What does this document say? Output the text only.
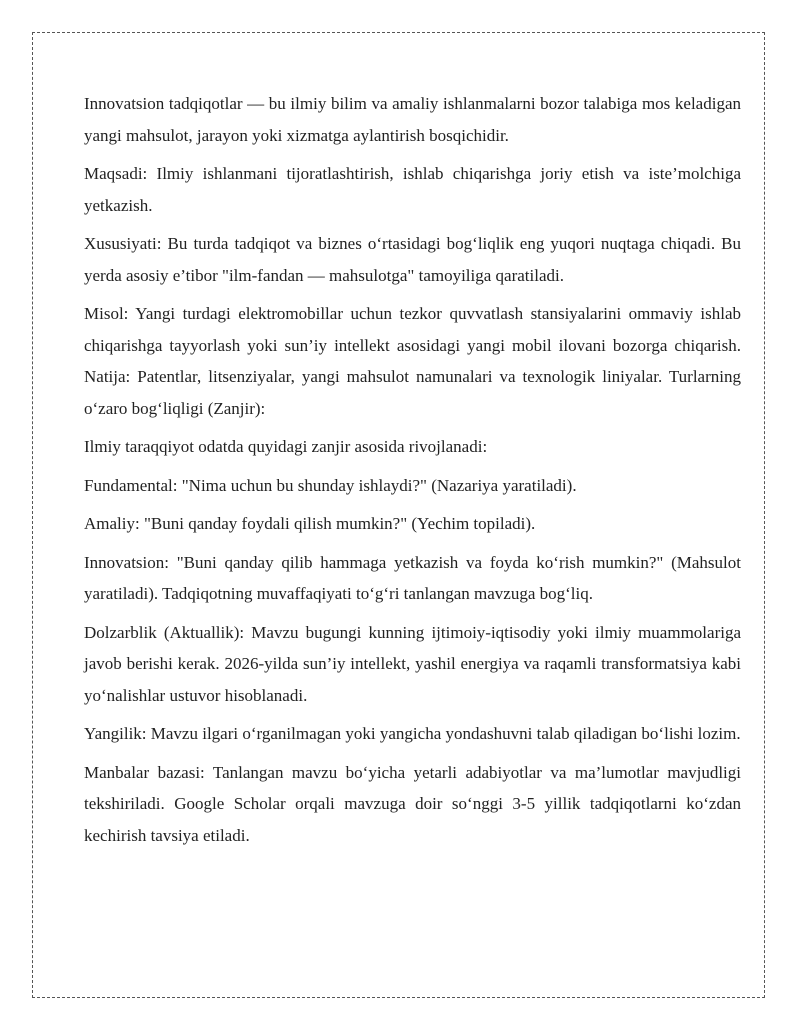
Innovatsion tadqiqotlar — bu ilmiy bilim va amaliy ishlanmalarni bozor talabiga mos keladigan yangi mahsulot, jarayon yoki xizmatga aylantirish bosqichidir.

Maqsadi: Ilmiy ishlanmani tijoratlashtirish, ishlab chiqarishga joriy etish va iste’molchiga yetkazish.

Xususiyati: Bu turda tadqiqot va biznes o‘rtasidagi bog‘liqlik eng yuqori nuqtaga chiqadi. Bu yerda asosiy e’tibor "ilm-fandan — mahsulotga" tamoyiliga qaratiladi.

Misol: Yangi turdagi elektromobillar uchun tezkor quvvatlash stansiyalarini ommaviy ishlab chiqarishga tayyorlash yoki sun’iy intellekt asosidagi yangi mobil ilovani bozorga chiqarish. Natija: Patentlar, litsenziyalar, yangi mahsulot namunalari va texnologik liniyalar. Turlarning o‘zaro bog‘liqligi (Zanjir):

Ilmiy taraqqiyot odatda quyidagi zanjir asosida rivojlanadi:

Fundamental: "Nima uchun bu shunday ishlaydi?" (Nazariya yaratiladi).

Amaliy: "Buni qanday foydali qilish mumkin?" (Yechim topiladi).

Innovatsion: "Buni qanday qilib hammaga yetkazish va foyda ko‘rish mumkin?" (Mahsulot yaratiladi). Tadqiqotning muvaffaqiyati to‘g‘ri tanlangan mavzuga bog‘liq.

Dolzarblik (Aktuallik): Mavzu bugungi kunning ijtimoiy-iqtisodiy yoki ilmiy muammolariga javob berishi kerak. 2026-yilda sun’iy intellekt, yashil energiya va raqamli transformatsiya kabi yo‘nalishlar ustuvor hisoblanadi.

Yangilik: Mavzu ilgari o‘rganilmagan yoki yangicha yondashuvni talab qiladigan bo‘lishi lozim.

Manbalar bazasi: Tanlangan mavzu bo‘yicha yetarli adabiyotlar va ma’lumotlar mavjudligi tekshiriladi. Google Scholar orqali mavzuga doir so‘nggi 3-5 yillik tadqiqotlarni ko‘zdan kechirish tavsiya etiladi.
